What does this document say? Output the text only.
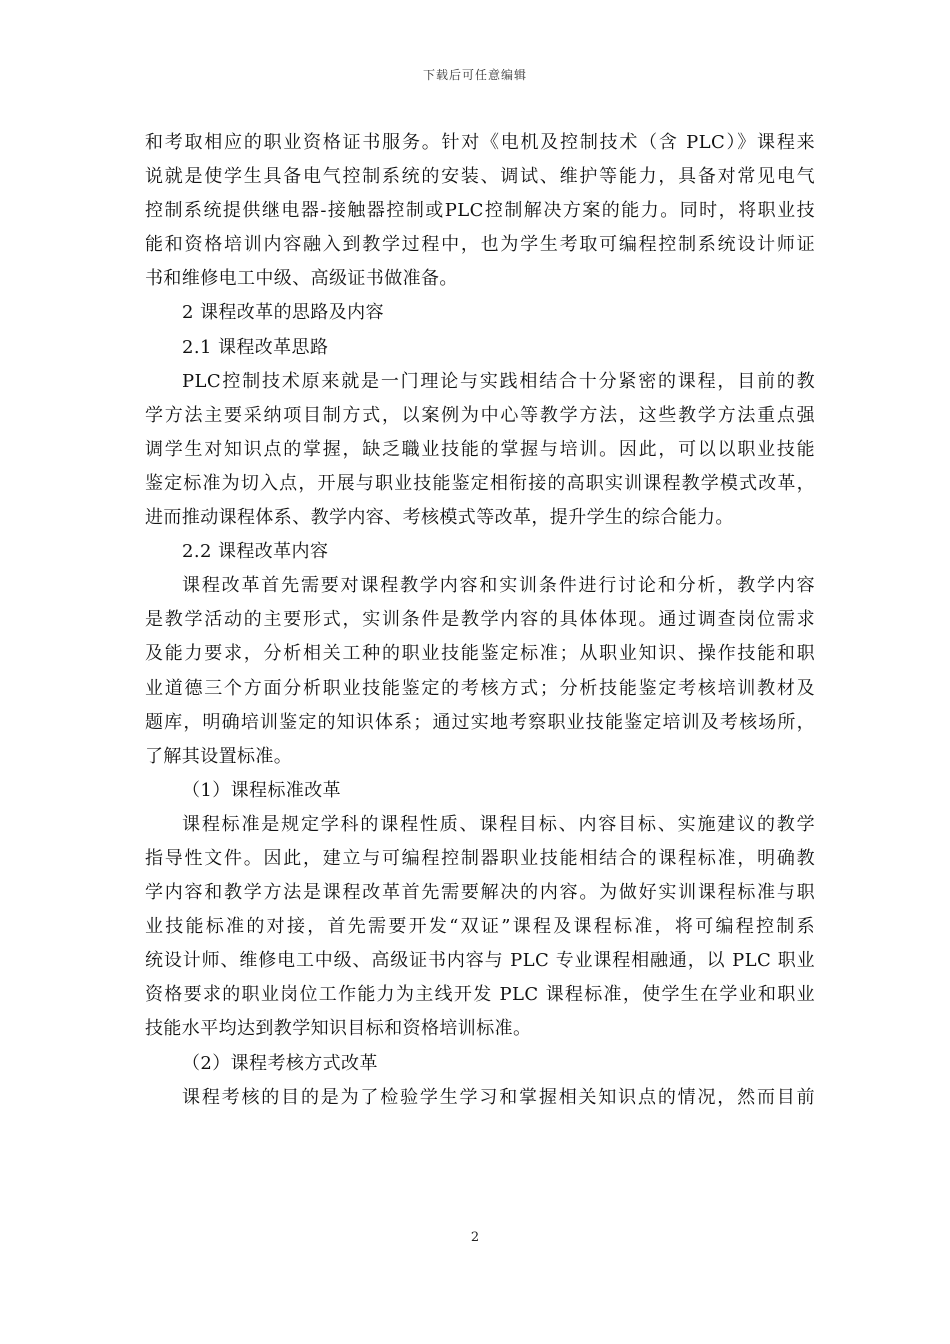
下载后可任意编辑
和考取相应的职业资格证书服务。针对《电机及控制技术（含 PLC）》课程来
说就是使学生具备电气控制系统的安装、调试、维护等能力，具备对常见电气
控制系统提供继电器-接触器控制或PLC控制解决方案的能力。同时，将职业技
能和资格培训内容融入到教学过程中，也为学生考取可编程控制系统设计师证
书和维修电工中级、高级证书做准备。
2 课程改革的思路及内容
2.1 课程改革思路
PLC控制技术原来就是一门理论与实践相结合十分紧密的课程，目前的教
学方法主要采纳项目制方式，以案例为中心等教学方法，这些教学方法重点强
调学生对知识点的掌握，缺乏職业技能的掌握与培训。因此，可以以职业技能
鉴定标准为切入点，开展与职业技能鉴定相衔接的高职实训课程教学模式改革，
进而推动课程体系、教学内容、考核模式等改革，提升学生的综合能力。
2.2 课程改革内容
课程改革首先需要对课程教学内容和实训条件进行讨论和分析，教学内容
是教学活动的主要形式，实训条件是教学内容的具体体现。通过调查岗位需求
及能力要求，分析相关工种的职业技能鉴定标准；从职业知识、操作技能和职
业道德三个方面分析职业技能鉴定的考核方式；分析技能鉴定考核培训教材及
题库，明确培训鉴定的知识体系；通过实地考察职业技能鉴定培训及考核场所，
了解其设置标准。
（1）课程标准改革
课程标准是规定学科的课程性质、课程目标、内容目标、实施建议的教学
指导性文件。因此，建立与可编程控制器职业技能相结合的课程标准，明确教
学内容和教学方法是课程改革首先需要解决的内容。为做好实训课程标准与职
业技能标准的对接，首先需要开发“双证”课程及课程标准，将可编程控制系
统设计师、维修电工中级、高级证书内容与 PLC 专业课程相融通，以 PLC 职业
资格要求的职业岗位工作能力为主线开发 PLC 课程标准，使学生在学业和职业
技能水平均达到教学知识目标和资格培训标准。
（2）课程考核方式改革
课程考核的目的是为了检验学生学习和掌握相关知识点的情况，然而目前
2
